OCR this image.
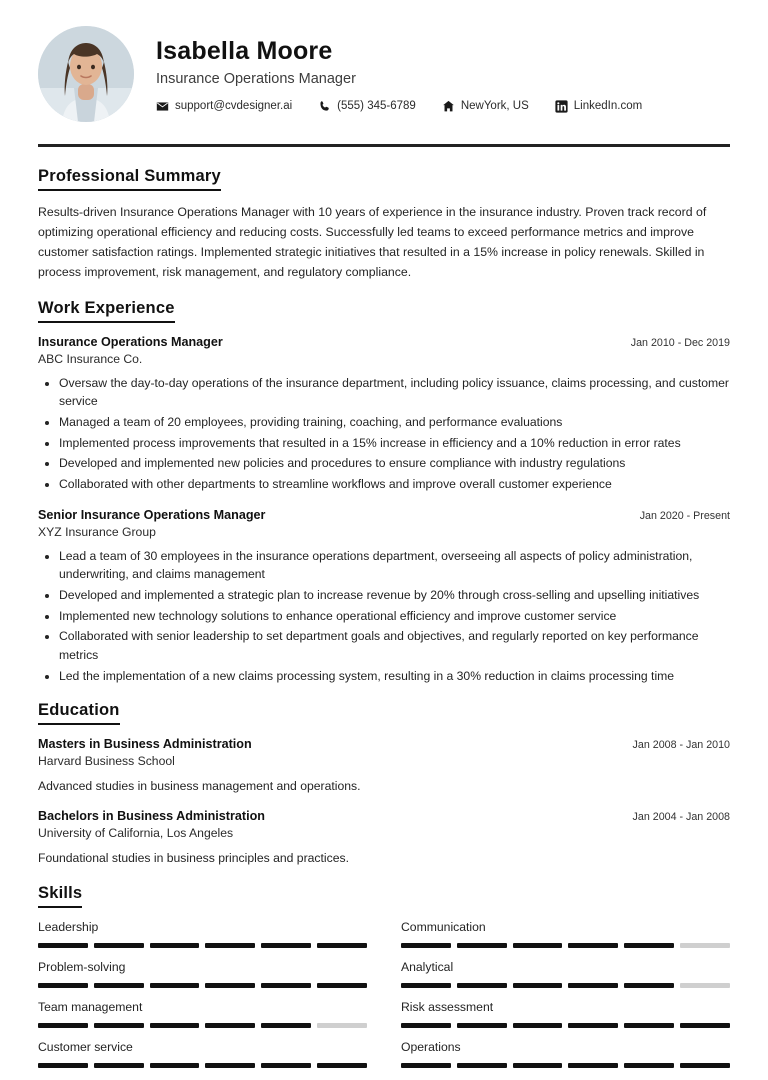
Isabella Moore
Insurance Operations Manager
support@cvdesigner.ai	(555) 345-6789	NewYork, US	LinkedIn.com
Professional Summary
Results-driven Insurance Operations Manager with 10 years of experience in the insurance industry. Proven track record of optimizing operational efficiency and reducing costs. Successfully led teams to exceed performance metrics and improve customer satisfaction ratings. Implemented strategic initiatives that resulted in a 15% increase in policy renewals. Skilled in process improvement, risk management, and regulatory compliance.
Work Experience
Insurance Operations Manager	Jan 2010 - Dec 2019
ABC Insurance Co.
• Oversaw the day-to-day operations of the insurance department, including policy issuance, claims processing, and customer service
• Managed a team of 20 employees, providing training, coaching, and performance evaluations
• Implemented process improvements that resulted in a 15% increase in efficiency and a 10% reduction in error rates
• Developed and implemented new policies and procedures to ensure compliance with industry regulations
• Collaborated with other departments to streamline workflows and improve overall customer experience
Senior Insurance Operations Manager	Jan 2020 - Present
XYZ Insurance Group
• Lead a team of 30 employees in the insurance operations department, overseeing all aspects of policy administration, underwriting, and claims management
• Developed and implemented a strategic plan to increase revenue by 20% through cross-selling and upselling initiatives
• Implemented new technology solutions to enhance operational efficiency and improve customer service
• Collaborated with senior leadership to set department goals and objectives, and regularly reported on key performance metrics
• Led the implementation of a new claims processing system, resulting in a 30% reduction in claims processing time
Education
Masters in Business Administration	Jan 2008 - Jan 2010
Harvard Business School
Advanced studies in business management and operations.
Bachelors in Business Administration	Jan 2004 - Jan 2008
University of California, Los Angeles
Foundational studies in business principles and practices.
Skills
Leadership	Communication
Problem-solving	Analytical
Team management	Risk assessment
Customer service	Operations
